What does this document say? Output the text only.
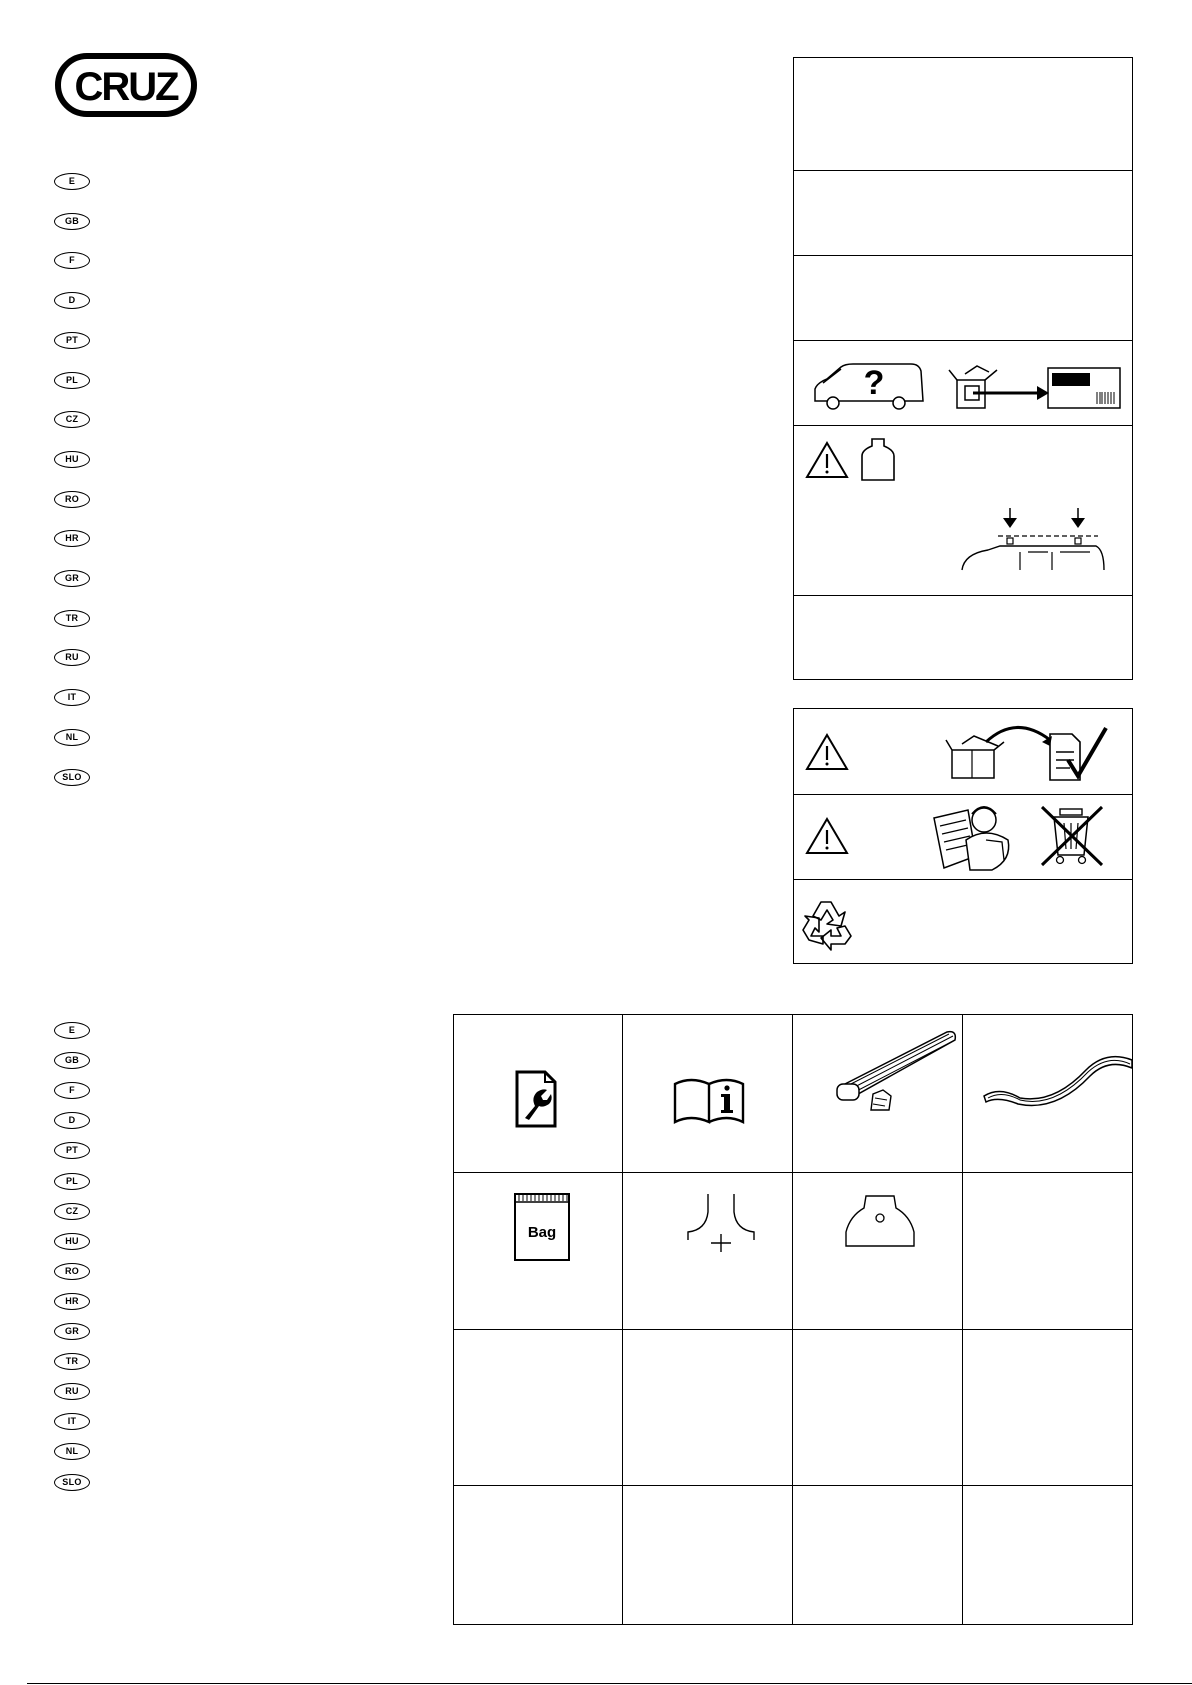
CRUZ
E
GB
F
D
PT
PL
CZ
HU
RO
HR
GR
TR
RU
IT
NL
SLO
E
GB
F
D
PT
PL
CZ
HU
RO
HR
GR
TR
RU
IT
NL
SLO
?
Bag
